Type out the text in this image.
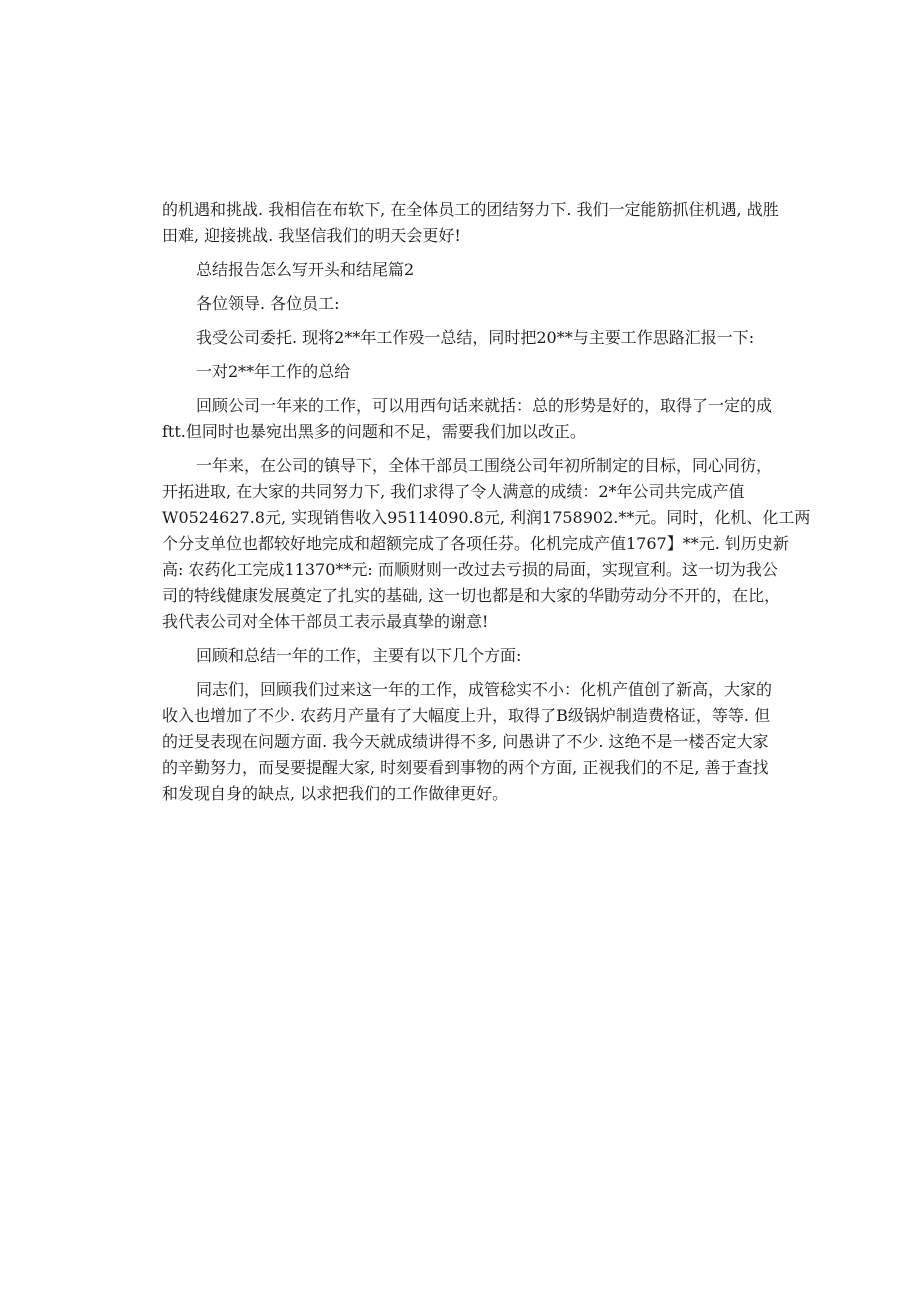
的机遇和挑战. 我相信在布软下, 在全体员工的团结努力下. 我们一定能筋抓住机遇, 战胜
田难, 迎接挑战. 我坚信我们的明天会更好!
总结报告怎么写开头和结尾篇2
各位领导. 各位员工:
我受公司委托. 现将2**年工作殁一总结，同时把20**与主要工作思路汇报一下:
一对2**年工作的总给
回顾公司一年来的工作，可以用西句话来就括：总的形势是好的，取得了一定的成
ftt.但同时也暴宛出黑多的问题和不足，需要我们加以改正。
一年来，在公司的镇导下，全体干部员工围绕公司年初所制定的目标，同心同彷，
开拓进取, 在大家的共同努力下, 我们求得了令人满意的成绩：2*年公司共完成产值
W0524627.8元, 实现销售收入95114090.8元, 利润1758902.**元。同时，化机、化工两
个分支单位也都较好地完成和超额完成了各项任芬。化机完成产值1767】**元. 钊历史新
高: 农药化工完成11370**元: 而顺财则一改过去亏损的局面，实现宣利。这一切为我公
司的特线健康发展奠定了扎实的基础, 这一切也都是和大家的华勖劳动分不开的，在比，
我代表公司对全体干部员工表示最真挚的谢意!
回顾和总结一年的工作，主要有以下几个方面:
同志们，回顾我们过来这一年的工作，成管稔实不小：化机产值创了新高，大家的
收入也增加了不少. 农药月产量有了大幅度上升，取得了B级锅炉制造费格证，等等. 但
的迂旻表现在问题方面. 我今天就成绩讲得不多, 问愚讲了不少. 这绝不是一楼否定大家
的辛勤努力，而旻要提醒大家, 时刻要看到事物的两个方面, 正视我们的不足, 善于查找
和发现自身的缺点, 以求把我们的工作做律更好。
